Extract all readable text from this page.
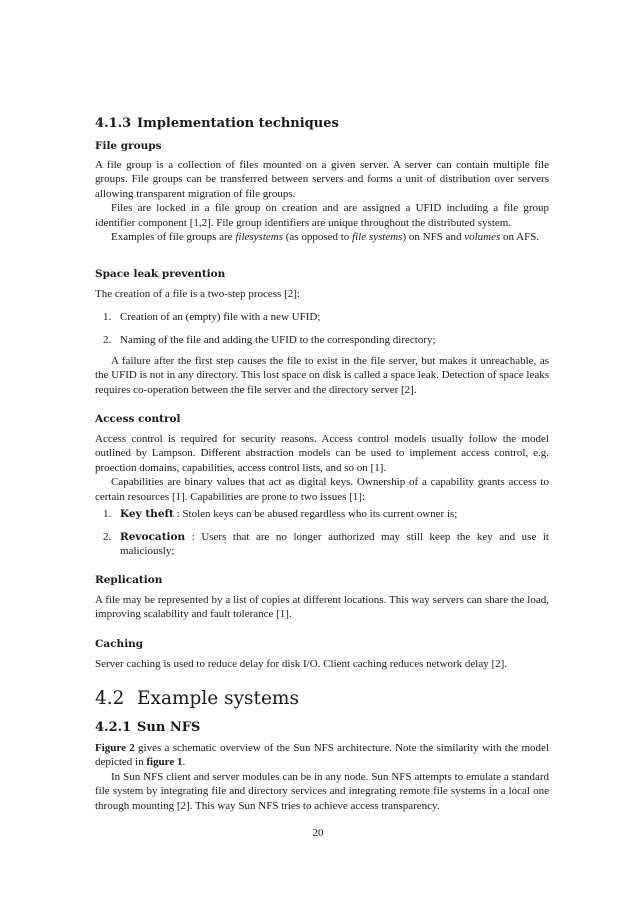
4.1.3 Implementation techniques
File groups

A file group is a collection of files mounted on a given server. A server can contain multiple file groups. File groups can be transferred between servers and forms a unit of distribution over servers allowing transparent migration of file groups.

Files are locked in a file group on creation and are assigned a UFID including a file group identifier component [1,2]. File group identifiers are unique throughout the distributed system.

Examples of file groups are filesystems (as opposed to file systems) on NFS and volumes on AFS.

Space leak prevention

The creation of a file is a two-step process [2]:

1. Creation of an (empty) file with a new UFID;
2. Naming of the file and adding the UFID to the corresponding directory;

A failure after the first step causes the file to exist in the file server, but makes it unreachable, as the UFID is not in any directory. This lost space on disk is called a space leak. Detection of space leaks requires co-operation between the file server and the directory server [2].

Access control

Access control is required for security reasons. Access control models usually follow the model outlined by Lampson. Different abstraction models can be used to implement access control, e.g. proection domains, capabilities, access control lists, and so on [1].

Capabilities are binary values that act as digital keys. Ownership of a capability grants access to certain resources [1]. Capabilities are prone to two issues [1]:

1. Key theft : Stolen keys can be abused regardless who its current owner is;
2. Revocation : Users that are no longer authorized may still keep the key and use it maliciously;
Replication

A file may be represented by a list of copies at different locations. This way servers can share the load, improving scalability and fault tolerance [1].

Caching

Server caching is used to reduce delay for disk I/O. Client caching reduces network delay [2].

4.2 Example systems
4.2.1 Sun NFS

Figure 2 gives a schematic overview of the Sun NFS architecture. Note the similarity with the model depicted in figure 1.

In Sun NFS client and server modules can be in any node. Sun NFS attempts to emulate a standard file system by integrating file and directory services and integrating remote file systems in a local one through mounting [2]. This way Sun NFS tries to achieve access transparency.

20
